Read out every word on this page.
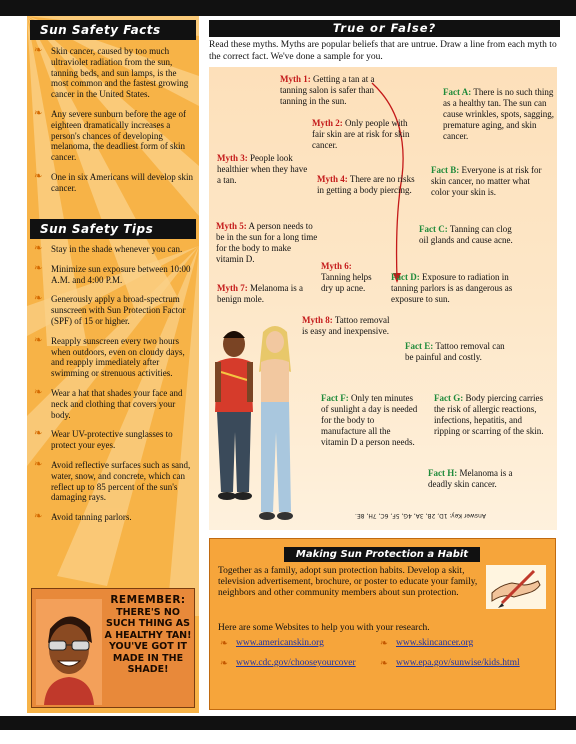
Sun Safety Facts
❧ Skin cancer, caused by too much ultraviolet radiation from the sun, tanning beds, and sun lamps, is the most common and the fastest growing cancer in the United States.
❧ Any severe sunburn before the age of eighteen dramatically increases a person's chances of developing melanoma, the deadliest form of skin cancer.
❧ One in six Americans will develop skin cancer.
Sun Safety Tips
❧ Stay in the shade whenever you can.
❧ Minimize sun exposure between 10:00 A.M. and 4:00 P.M.
❧ Generously apply a broad-spectrum sunscreen with Sun Protection Factor (SPF) of 15 or higher.
❧ Reapply sunscreen every two hours when outdoors, even on cloudy days, and reapply immediately after swimming or strenuous activities.
❧ Wear a hat that shades your face and neck and clothing that covers your body.
❧ Wear UV-protective sunglasses to protect your eyes.
❧ Avoid reflective surfaces such as sand, water, snow, and concrete, which can reflect up to 85 percent of the sun's damaging rays.
❧ Avoid tanning parlors.
REMEMBER:
THERE'S NO SUCH THING AS A HEALTHY TAN! YOU'VE GOT IT MADE IN THE SHADE!
True or False?
Read these myths. Myths are popular beliefs that are untrue. Draw a line from each myth to the correct fact. We've done a sample for you.
Myth 1: Getting a tan at a tanning salon is safer than tanning in the sun.
Myth 2: Only people with fair skin are at risk for skin cancer.
Myth 3: People look healthier when they have a tan.	Myth 4: There are no risks in getting a body piercing.
Myth 5: A person needs to be in the sun for a long time for the body to make vitamin D.
Myth 6: Tanning helps dry up acne.
Myth 7: Melanoma is a benign mole.
Myth 8: Tattoo removal is easy and inexpensive.
Fact A: There is no such thing as a healthy tan. The sun can cause wrinkles, spots, sagging, premature aging, and skin cancer.
Fact B: Everyone is at risk for skin cancer, no matter what color your skin is.
Fact C: Tanning can clog oil glands and cause acne.
Fact D: Exposure to radiation in tanning parlors is as dangerous as exposure to sun.
Fact E: Tattoo removal can be painful and costly.
Fact F: Only ten minutes of sunlight a day is needed for the body to manufacture all the vitamin D a person needs.
Fact G: Body piercing carries the risk of allergic reactions, infections, hepatitis, and ripping or scarring of the skin.
Fact H: Melanoma is a deadly skin cancer.
Answer Key: 1D, 2B, 3A, 4G, 5F, 6C, 7H, 8E.
Making Sun Protection a Habit
Together as a family, adopt sun protection habits. Develop a skit, television advertisement, brochure, or poster to educate your family, neighbors and other community members about sun protection.
Here are some Websites to help you with your research.
❧ www.americanskin.org	❧ www.skincancer.org
❧ www.cdc.gov/chooseyourcover	❧ www.epa.gov/sunwise/kids.html
